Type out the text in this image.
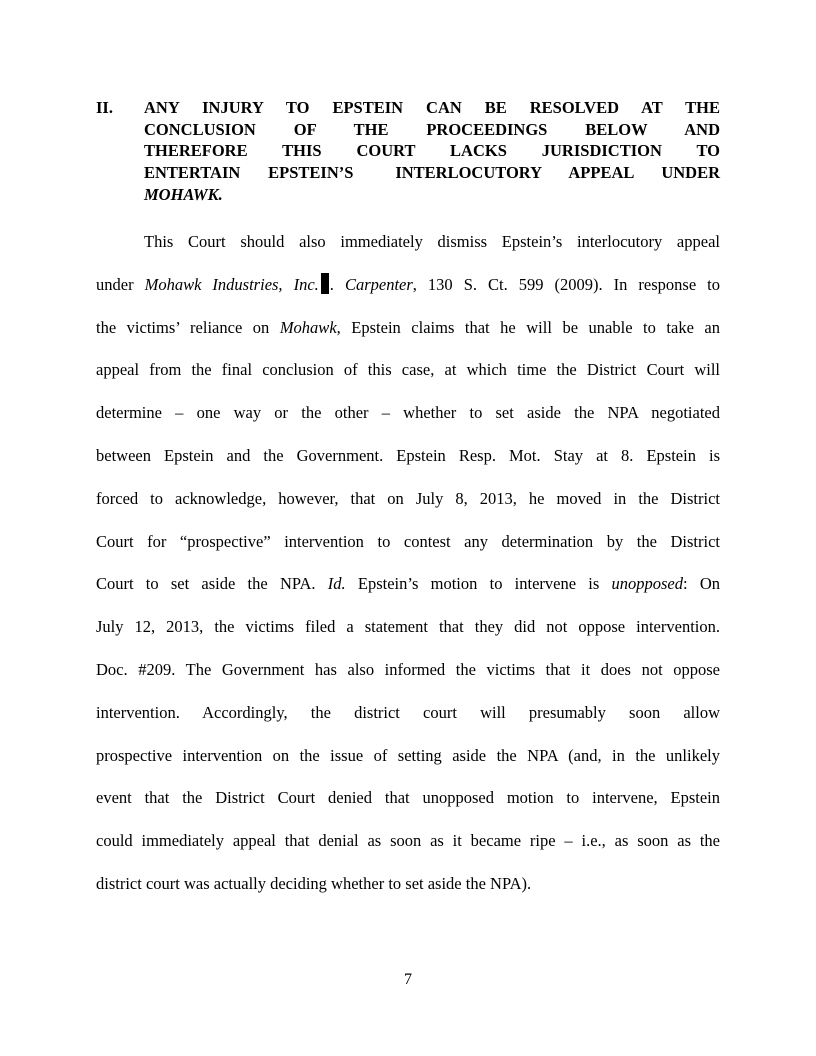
II. ANY INJURY TO EPSTEIN CAN BE RESOLVED AT THE
CONCLUSION OF THE PROCEEDINGS BELOW AND
THEREFORE THIS COURT LACKS JURISDICTION TO
ENTERTAIN EPSTEIN’S	INTERLOCUTORY APPEAL UNDER
MOHAWK.
This Court should also immediately dismiss Epstein’s interlocutory appeal
under Mohawk Industries, Inc. . Carpenter, 130 S. Ct. 599 (2009). In response to
the victims’ reliance on Mohawk, Epstein claims that he will be unable to take an
appeal from the final conclusion of this case, at which time the District Court will
determine – one way or the other – whether to set aside the NPA negotiated
between Epstein and the Government. Epstein Resp. Mot. Stay at 8. Epstein is
forced to acknowledge, however, that on July 8, 2013, he moved in the District
Court for “prospective” intervention to contest any determination by the District
Court to set aside the NPA. Id. Epstein’s motion to intervene is unopposed: On
July 12, 2013, the victims filed a statement that they did not oppose intervention.
Doc. #209. The Government has also informed the victims that it does not oppose
intervention. Accordingly, the district court will presumably soon allow
prospective intervention on the issue of setting aside the NPA (and, in the unlikely
event that the District Court denied that unopposed motion to intervene, Epstein
could immediately appeal that denial as soon as it became ripe – i.e., as soon as the
district court was actually deciding whether to set aside the NPA).
7
